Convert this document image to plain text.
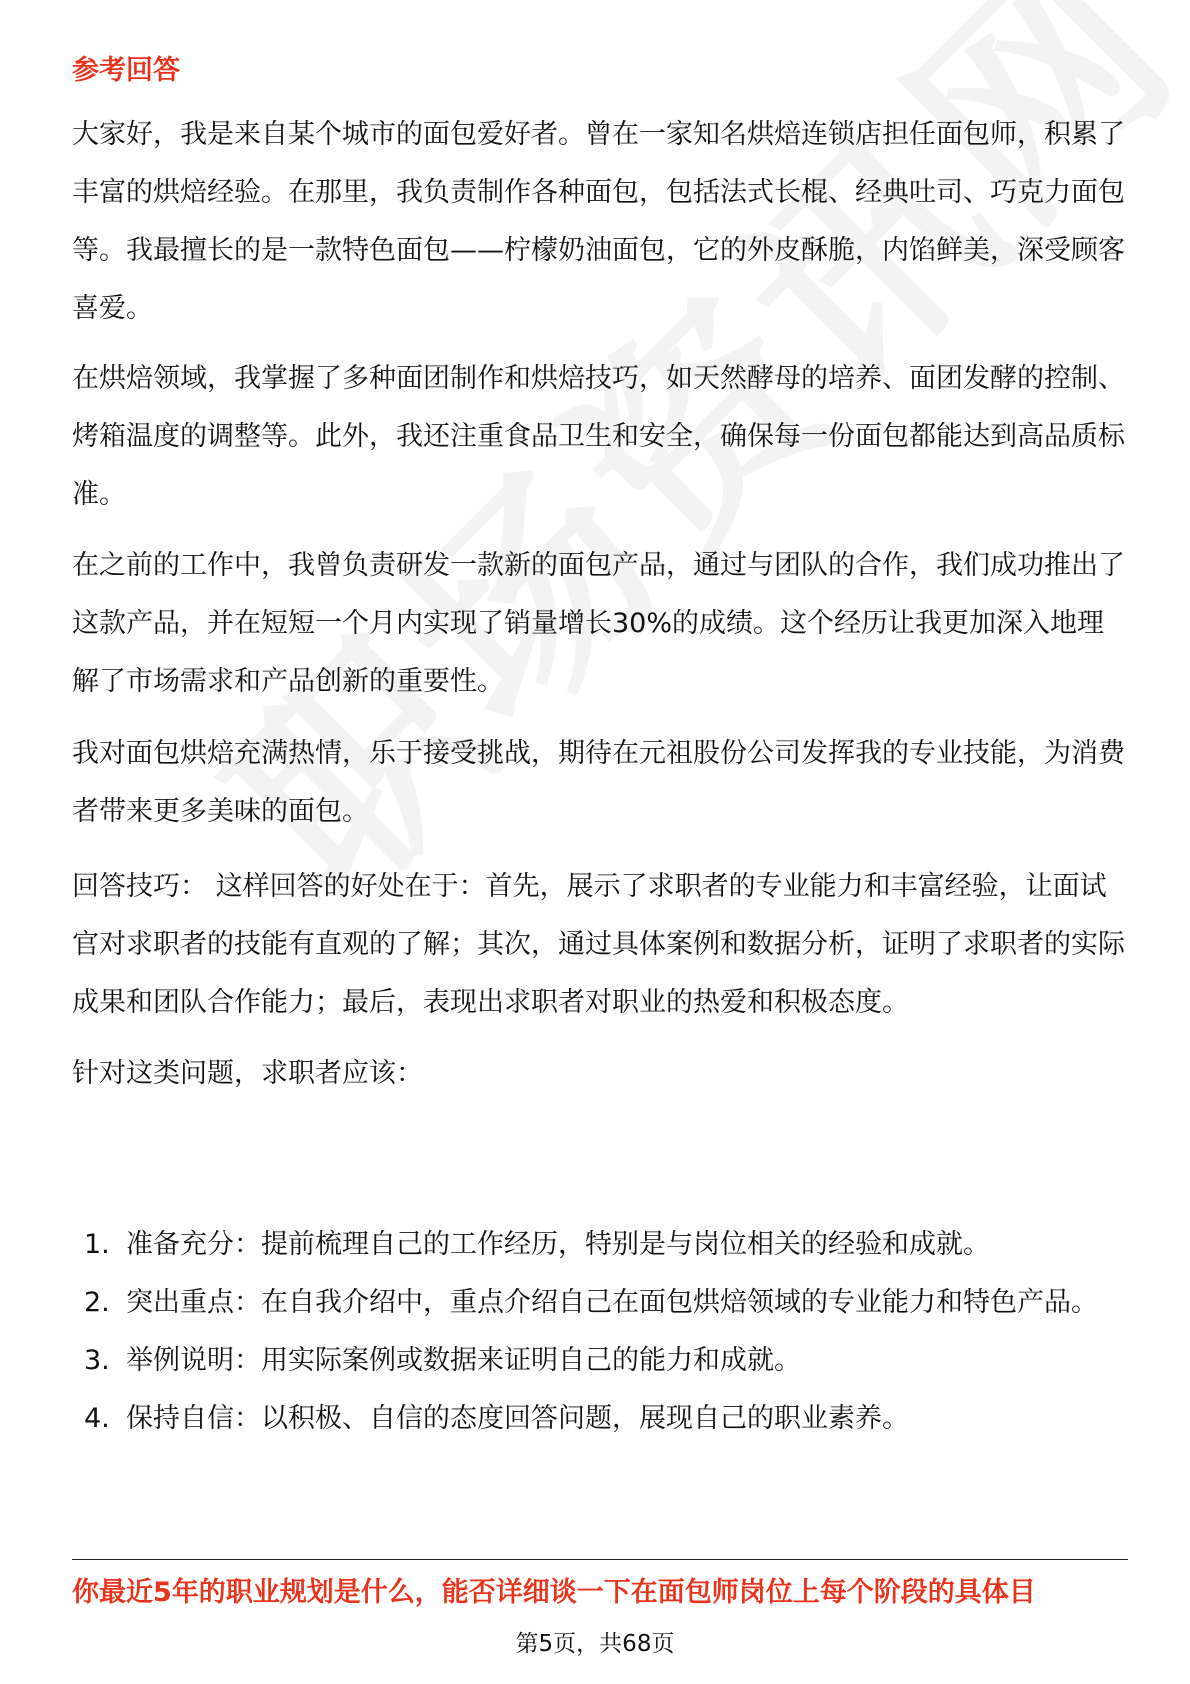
参考回答

大家好，我是来自某个城市的面包爱好者。曾在一家知名烘焙连锁店担任面包师，积累了丰富的烘焙经验。在那里，我负责制作各种面包，包括法式长棍、经典吐司、巧克力面包等。我最擅长的是一款特色面包——柠檬奶油面包，它的外皮酥脆，内馅鲜美，深受顾客喜爱。

在烘焙领域，我掌握了多种面团制作和烘焙技巧，如天然酵母的培养、面团发酵的控制、烤箱温度的调整等。此外，我还注重食品卫生和安全，确保每一份面包都能达到高品质标准。

在之前的工作中，我曾负责研发一款新的面包产品，通过与团队的合作，我们成功推出了这款产品，并在短短一个月内实现了销量增长30%的成绩。这个经历让我更加深入地理解了市场需求和产品创新的重要性。

我对面包烘焙充满热情，乐于接受挑战，期待在元祖股份公司发挥我的专业技能，为消费者带来更多美味的面包。

回答技巧： 这样回答的好处在于：首先，展示了求职者的专业能力和丰富经验，让面试官对求职者的技能有直观的了解；其次，通过具体案例和数据分析，证明了求职者的实际成果和团队合作能力；最后，表现出求职者对职业的热爱和积极态度。

针对这类问题，求职者应该：

1. 准备充分：提前梳理自己的工作经历，特别是与岗位相关的经验和成就。
2. 突出重点：在自我介绍中，重点介绍自己在面包烘焙领域的专业能力和特色产品。
3. 举例说明：用实际案例或数据来证明自己的能力和成就。
4. 保持自信：以积极、自信的态度回答问题，展现自己的职业素养。
你最近5年的职业规划是什么，能否详细谈一下在面包师岗位上每个阶段的具体目
第5页，共68页
